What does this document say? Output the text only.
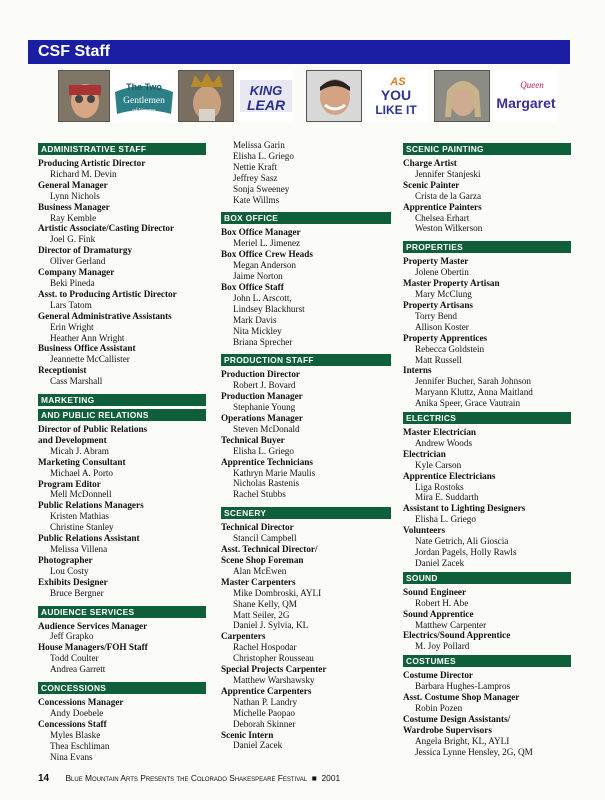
CSF Staff
The Two
Gentlemen
of Verona
KING
LEAR
AS
YOU
LIKE IT
Queen
Margaret
ADMINISTRATIVE STAFF
Producing Artistic Director
Richard M. Devin
General Manager
Lynn Nichols
Business Manager
Ray Kemble
Artistic Associate/Casting Director
Joel G. Fink
Director of Dramaturgy
Oliver Gerland
Company Manager
Beki Pineda
Asst. to Producing Artistic Director
Lars Tatom
General Administrative Assistants
Erin Wright
Heather Ann Wright
Business Office Assistant
Jeannette McCallister
Receptionist
Cass Marshall
MARKETING
AND PUBLIC RELATIONS
Director of Public Relations
and Development
Micah J. Abram
Marketing Consultant
Michael A. Porto
Program Editor
Mell McDonnell
Public Relations Managers
Kristen Mathias
Christine Stanley
Public Relations Assistant
Melissa Villena
Photographer
Lou Costy
Exhibits Designer
Bruce Bergner
AUDIENCE SERVICES
Audience Services Manager
Jeff Grapko
House Managers/FOH Staff
Todd Coulter
Andrea Garrett
CONCESSIONS
Concessions Manager
Andy Doebele
Concessions Staff
Myles Blaske
Thea Eschliman
Nina Evans
Melissa Garin
Elisha L. Griego
Nettie Kraft
Jeffrey Sasz
Sonja Sweeney
Kate Willms
BOX OFFICE
Box Office Manager
Meriel L. Jimenez
Box Office Crew Heads
Megan Anderson
Jaime Norton
Box Office Staff
John L. Arscott,
Lindsey Blackhurst
Mark Davis
Nita Mickley
Briana Sprecher
PRODUCTION STAFF
Production Director
Robert J. Bovard
Production Manager
Stephanie Young
Operations Manager
Steven McDonald
Technical Buyer
Elisha L. Griego
Apprentice Technicians
Kathryn Marie Maulis
Nicholas Rastenis
Rachel Stubbs
SCENERY
Technical Director
Stancil Campbell
Asst. Technical Director/
Scene Shop Foreman
Alan McEwen
Master Carpenters
Mike Dombroski, AYLI
Shane Kelly, QM
Matt Seiler, 2G
Daniel J. Sylvia, KL
Carpenters
Rachel Hospodar
Christopher Rousseau
Special Projects Carpenter
Matthew Warshawsky
Apprentice Carpenters
Nathan P. Landry
Michelle Paopao
Deborah Skinner
Scenic Intern
Daniel Zacek
SCENIC PAINTING
Charge Artist
Jennifer Stanjeski
Scenic Painter
Crista de la Garza
Apprentice Painters
Chelsea Erhart
Weston Wilkerson
PROPERTIES
Property Master
Jolene Obertin
Master Property Artisan
Mary McClung
Property Artisans
Torry Bend
Allison Koster
Property Apprentices
Rebecca Goldstein
Matt Russell
Interns
Jennifer Bucher, Sarah Johnson
Maryann Kluttz, Anna Maitland
Anika Speer, Grace Vautrain
ELECTRICS
Master Electrician
Andrew Woods
Electrician
Kyle Carson
Apprentice Electricians
Liga Rostoks
Mira E. Suddarth
Assistant to Lighting Designers
Elisha L. Griego
Volunteers
Nate Getrich, Ali Gioscia
Jordan Pagels, Holly Rawls
Daniel Zacek
SOUND
Sound Engineer
Robert H. Abe
Sound Apprentice
Matthew Carpenter
Electrics/Sound Apprentice
M. Joy Pollard
COSTUMES
Costume Director
Barbara Hughes-Lampros
Asst. Costume Shop Manager
Robin Pozen
Costume Design Assistants/
Wardrobe Supervisors
Angela Bright, KL, AYLI
Jessica Lynne Hensley, 2G, QM
14 Blue Mountain Arts Presents the Colorado Shakespeare Festival  ■  2001
